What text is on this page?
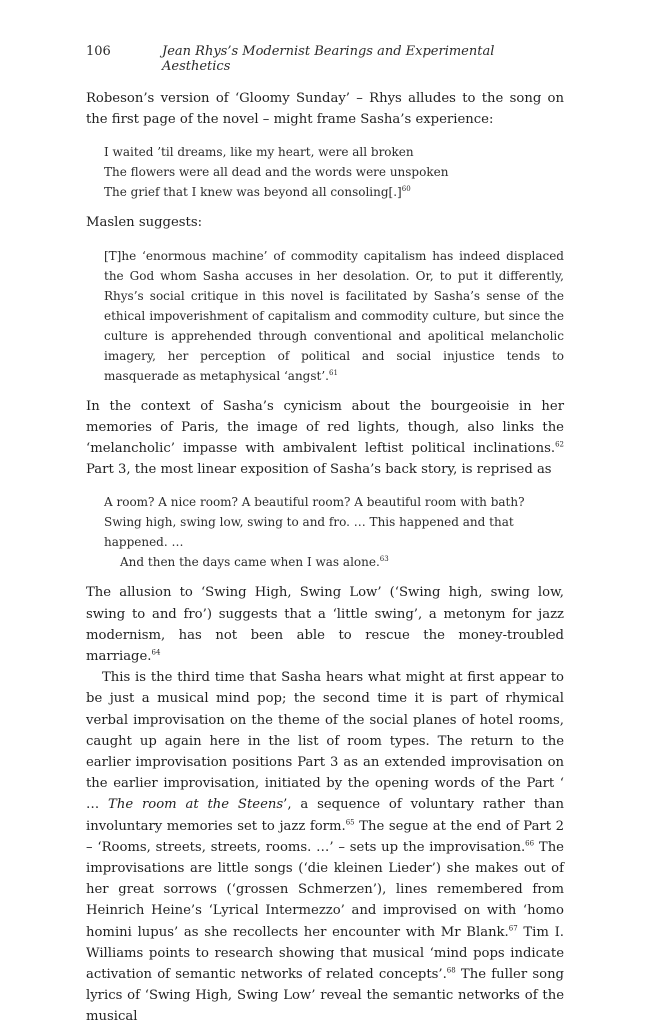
106	Jean Rhys’s Modernist Bearings and Experimental Aesthetics

Robeson’s version of ‘Gloomy Sunday’ – Rhys alludes to the song on the first page of the novel – might frame Sasha’s experience:

I waited ’til dreams, like my heart, were all broken
The flowers were all dead and the words were unspoken
The grief that I knew was beyond all consoling[.]$^{60}$

Maslen suggests:

[T]he ‘enormous machine’ of commodity capitalism has indeed displaced the God whom Sasha accuses in her desolation. Or, to put it differently, Rhys’s social critique in this novel is facilitated by Sasha’s sense of the ethical impoverishment of capitalism and commodity culture, but since the culture is apprehended through conventional and apolitical melancholic imagery, her perception of political and social injustice tends to masquerade as metaphysical ‘angst’.$^{61}$

In the context of Sasha’s cynicism about the bourgeoisie in her memories of Paris, the image of red lights, though, also links the ‘melancholic’ impasse with ambivalent leftist political inclinations.$^{62}$ Part 3, the most linear exposition of Sasha’s back story, is reprised as

A room? A nice room? A beautiful room? A beautiful room with bath? Swing high, swing low, swing to and fro. … This happened and that happened. …

And then the days came when I was alone.$^{63}$

The allusion to ‘Swing High, Swing Low’ (‘Swing high, swing low, swing to and fro’) suggests that a ‘little swing’, a metonym for jazz modernism, has not been able to rescue the money-troubled marriage.$^{64}$

This is the third time that Sasha hears what might at first appear to be just a musical mind pop; the second time it is part of rhymical verbal improvisation on the theme of the social planes of hotel rooms, caught up again here in the list of room types. The return to the earlier improvisation positions Part 3 as an extended improvisation on the earlier improvisation, initiated by the opening words of the Part ‘ … The room at the Steens’, a sequence of voluntary rather than involuntary memories set to jazz form.$^{65}$ The segue at the end of Part 2 – ‘Rooms, streets, streets, rooms. …’ – sets up the improvisation.$^{66}$ The improvisations are little songs (‘die kleinen Lieder’) she makes out of her great sorrows (‘grossen Schmerzen’), lines remembered from Heinrich Heine’s ‘Lyrical Intermezzo’ and improvised on with ‘homo homini lupus’ as she recollects her encounter with Mr Blank.$^{67}$ Tim I. Williams points to research showing that musical ‘mind pops indicate activation of semantic networks of related concepts’.$^{68}$ The fuller song lyrics of ‘Swing High, Swing Low’ reveal the semantic networks of the musical
